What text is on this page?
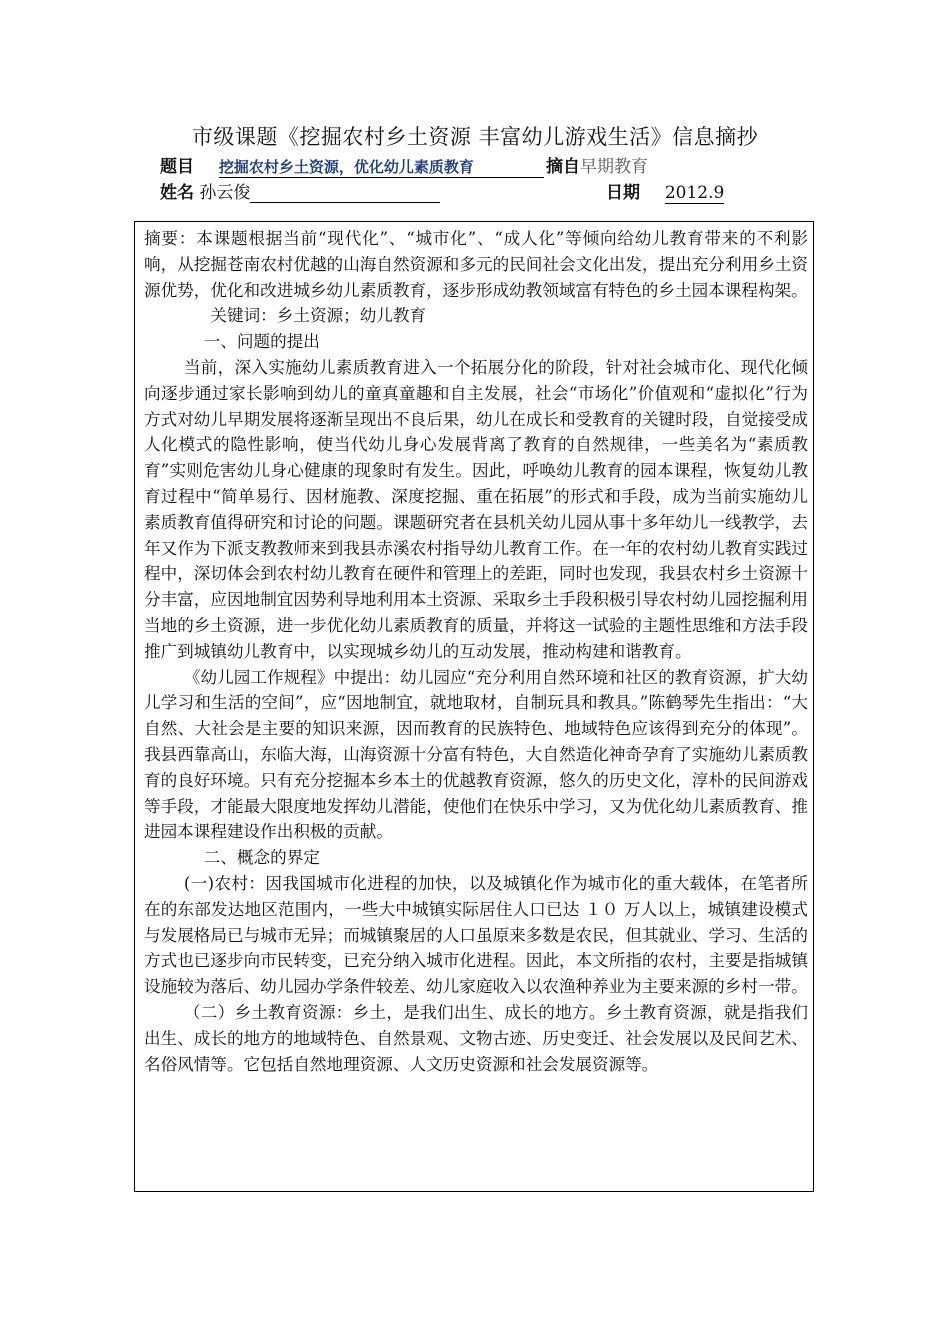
市级课题《挖掘农村乡土资源 丰富幼儿游戏生活》信息摘抄
题目 挖掘农村乡土资源，优化幼儿素质教育	摘自早期教育
姓名 孙云俊	日期 2012.9

摘要：本课题根据当前“现代化”、“城市化”、“成人化”等倾向给幼儿教育带来的不利影响，从挖掘苍南农村优越的山海自然资源和多元的民间社会文化出发，提出充分利用乡土资源优势，优化和改进城乡幼儿素质教育，逐步形成幼教领域富有特色的乡土园本课程构架。

关键词：乡土资源；幼儿教育

一、问题的提出

当前，深入实施幼儿素质教育进入一个拓展分化的阶段，针对社会城市化、现代化倾向逐步通过家长影响到幼儿的童真童趣和自主发展，社会“市场化”价值观和“虚拟化”行为方式对幼儿早期发展将逐渐呈现出不良后果，幼儿在成长和受教育的关键时段，自觉接受成人化模式的隐性影响，使当代幼儿身心发展背离了教育的自然规律，一些美名为“素质教育”实则危害幼儿身心健康的现象时有发生。因此，呼唤幼儿教育的园本课程，恢复幼儿教育过程中“简单易行、因材施教、深度挖掘、重在拓展”的形式和手段，成为当前实施幼儿素质教育值得研究和讨论的问题。课题研究者在县机关幼儿园从事十多年幼儿一线教学，去年又作为下派支教教师来到我县赤溪农村指导幼儿教育工作。在一年的农村幼儿教育实践过程中，深切体会到农村幼儿教育在硬件和管理上的差距，同时也发现，我县农村乡土资源十分丰富，应因地制宜因势利导地利用本土资源、采取乡土手段积极引导农村幼儿园挖掘利用当地的乡土资源，进一步优化幼儿素质教育的质量，并将这一试验的主题性思维和方法手段推广到城镇幼儿教育中，以实现城乡幼儿的互动发展，推动构建和谐教育。

《幼儿园工作规程》中提出：幼儿园应“充分利用自然环境和社区的教育资源，扩大幼儿学习和生活的空间”，应“因地制宜，就地取材，自制玩具和教具。”陈鹤琴先生指出：“大自然、大社会是主要的知识来源，因而教育的民族特色、地域特色应该得到充分的体现”。我县西靠高山，东临大海，山海资源十分富有特色，大自然造化神奇孕育了实施幼儿素质教育的良好环境。只有充分挖掘本乡本土的优越教育资源，悠久的历史文化，淳朴的民间游戏等手段，才能最大限度地发挥幼儿潜能，使他们在快乐中学习，又为优化幼儿素质教育、推进园本课程建设作出积极的贡献。

二、概念的界定

(一)农村：因我国城市化进程的加快，以及城镇化作为城市化的重大载体，在笔者所在的东部发达地区范围内，一些大中城镇实际居住人口已达 １０ 万人以上，城镇建设模式与发展格局已与城市无异；而城镇聚居的人口虽原来多数是农民，但其就业、学习、生活的方式也已逐步向市民转变，已充分纳入城市化进程。因此，本文所指的农村，主要是指城镇设施较为落后、幼儿园办学条件较差、幼儿家庭收入以农渔种养业为主要来源的乡村一带。

（二）乡土教育资源：乡土，是我们出生、成长的地方。乡土教育资源，就是指我们出生、成长的地方的地域特色、自然景观、文物古迹、历史变迁、社会发展以及民间艺术、名俗风情等。它包括自然地理资源、人文历史资源和社会发展资源等。
